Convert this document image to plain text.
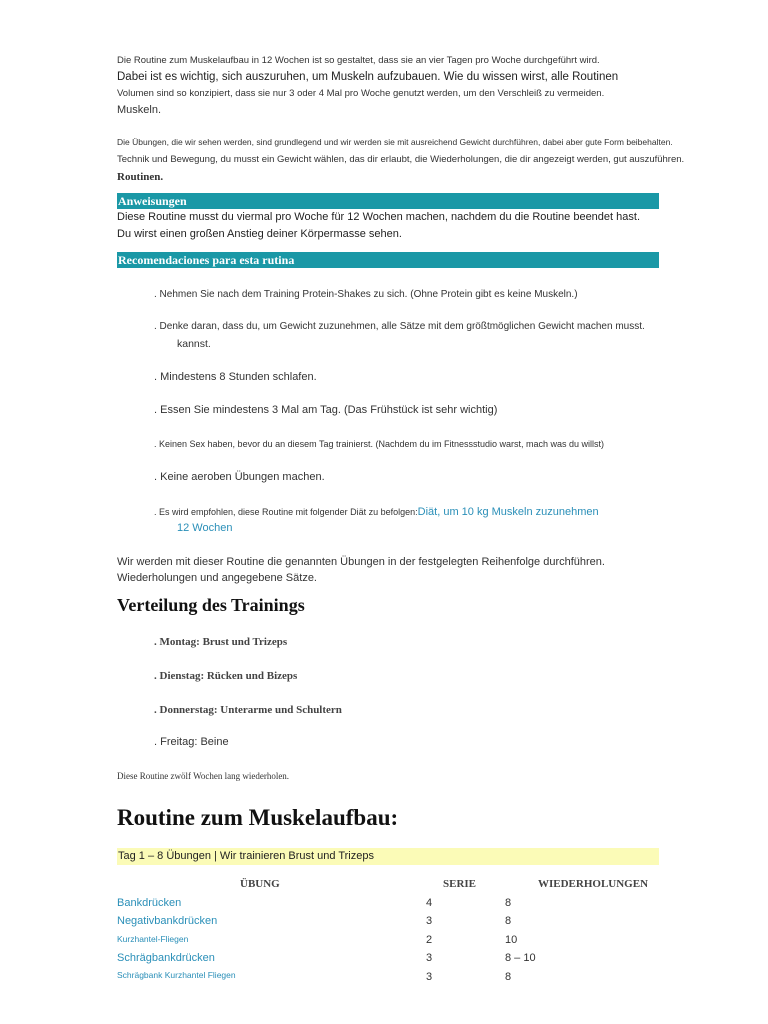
Die Routine zum Muskelaufbau in 12 Wochen ist so gestaltet, dass sie an vier Tagen pro Woche durchgeführt wird.
Dabei ist es wichtig, sich auszuruhen, um Muskeln aufzubauen. Wie du wissen wirst, alle Routinen
Volumen sind so konzipiert, dass sie nur 3 oder 4 Mal pro Woche genutzt werden, um den Verschleiß zu vermeiden.
Muskeln.
Die Übungen, die wir sehen werden, sind grundlegend und wir werden sie mit ausreichend Gewicht durchführen, dabei aber gute Form beibehalten.
Technik und Bewegung, du musst ein Gewicht wählen, das dir erlaubt, die Wiederholungen, die dir angezeigt werden, gut auszuführen.
Routinen.
Anweisungen
Diese Routine musst du viermal pro Woche für 12 Wochen machen, nachdem du die Routine beendet hast.
Du wirst einen großen Anstieg deiner Körpermasse sehen.
Recomendaciones para esta rutina
. Nehmen Sie nach dem Training Protein-Shakes zu sich. (Ohne Protein gibt es keine Muskeln.)
. Denke daran, dass du, um Gewicht zuzunehmen, alle Sätze mit dem größtmöglichen Gewicht machen musst.
kannst.
. Mindestens 8 Stunden schlafen.
. Essen Sie mindestens 3 Mal am Tag. (Das Frühstück ist sehr wichtig)
. Keinen Sex haben, bevor du an diesem Tag trainierst. (Nachdem du im Fitnessstudio warst, mach was du willst)
. Keine aeroben Übungen machen.
. Es wird empfohlen, diese Routine mit folgender Diät zu befolgen:Diät, um 10 kg Muskeln zuzunehmen
12 Wochen
Wir werden mit dieser Routine die genannten Übungen in der festgelegten Reihenfolge durchführen.
Wiederholungen und angegebene Sätze.
Verteilung des Trainings
. Montag: Brust und Trizeps
. Dienstag: Rücken und Bizeps
. Donnerstag: Unterarme und Schultern
. Freitag: Beine
Diese Routine zwölf Wochen lang wiederholen.
Routine zum Muskelaufbau:
Tag 1 – 8 Übungen | Wir trainieren Brust und Trizeps
ÜBUNG	SERIE	WIEDERHOLUNGEN
Bankdrücken	4	8
Negativbankdrücken	3	8
Kurzhantel-Fliegen	2	10
Schrägbankdrücken	3	8 – 10
Schrägbank Kurzhantel Fliegen	3	8
